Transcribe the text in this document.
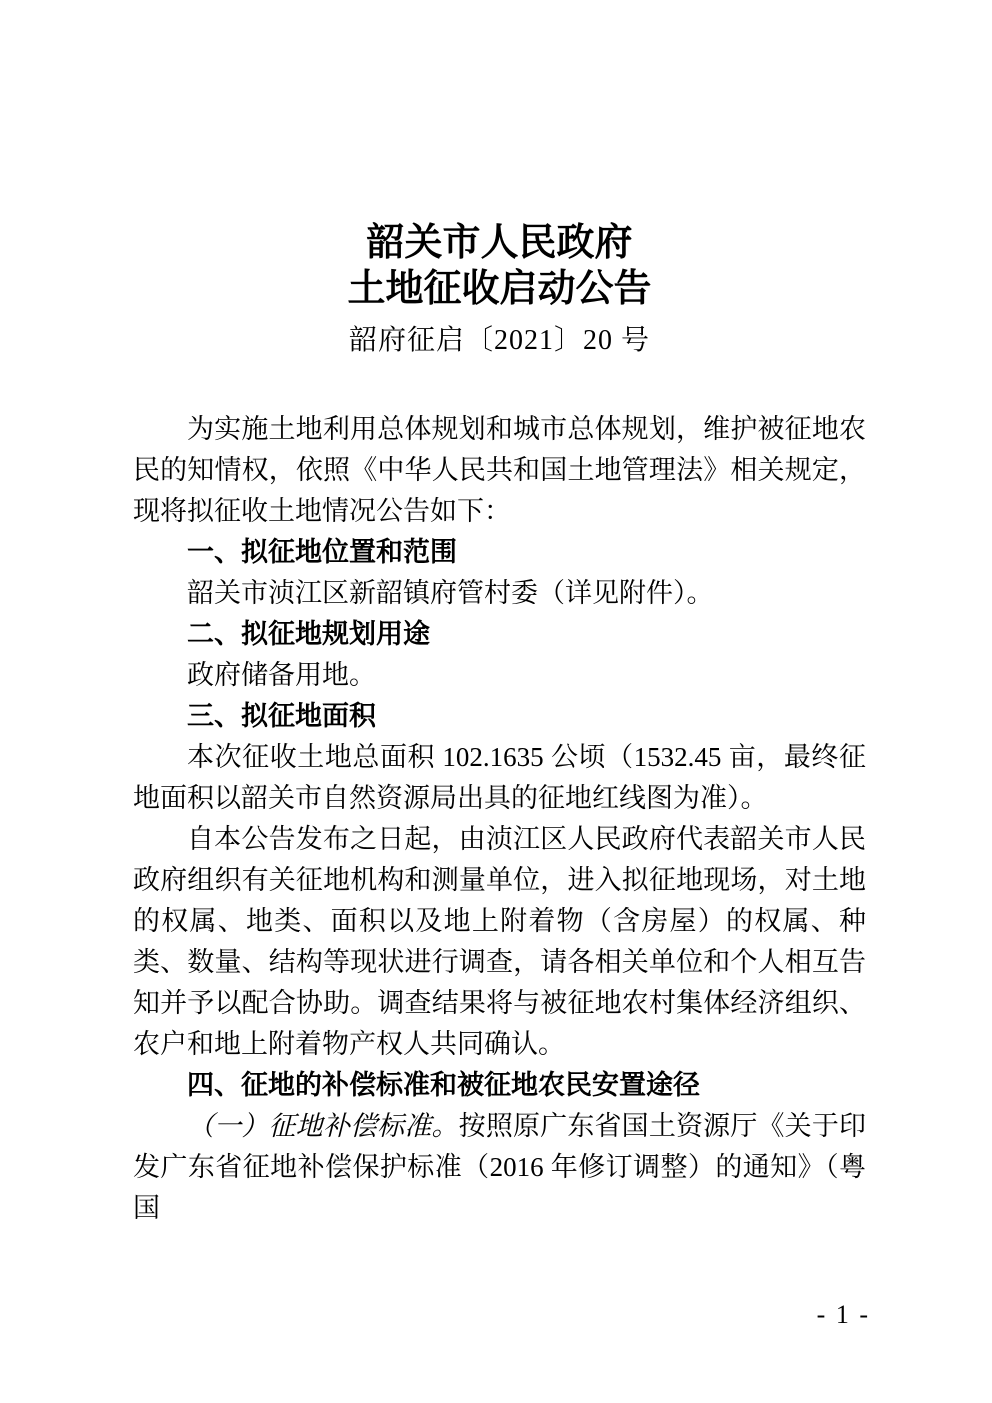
韶关市人民政府
土地征收启动公告
韶府征启〔2021〕20 号

为实施土地利用总体规划和城市总体规划，维护被征地农民的知情权，依照《中华人民共和国土地管理法》相关规定，现将拟征收土地情况公告如下：

一、拟征地位置和范围

韶关市浈江区新韶镇府管村委（详见附件）。

二、拟征地规划用途

政府储备用地。

三、拟征地面积

本次征收土地总面积 102.1635 公顷（1532.45 亩，最终征地面积以韶关市自然资源局出具的征地红线图为准）。

自本公告发布之日起，由浈江区人民政府代表韶关市人民政府组织有关征地机构和测量单位，进入拟征地现场，对土地的权属、地类、面积以及地上附着物（含房屋）的权属、种类、数量、结构等现状进行调查，请各相关单位和个人相互告知并予以配合协助。调查结果将与被征地农村集体经济组织、农户和地上附着物产权人共同确认。

四、征地的补偿标准和被征地农民安置途径

（一）征地补偿标准。按照原广东省国土资源厅《关于印发广东省征地补偿保护标准（2016 年修订调整）的通知》（粤国

- 1 -
